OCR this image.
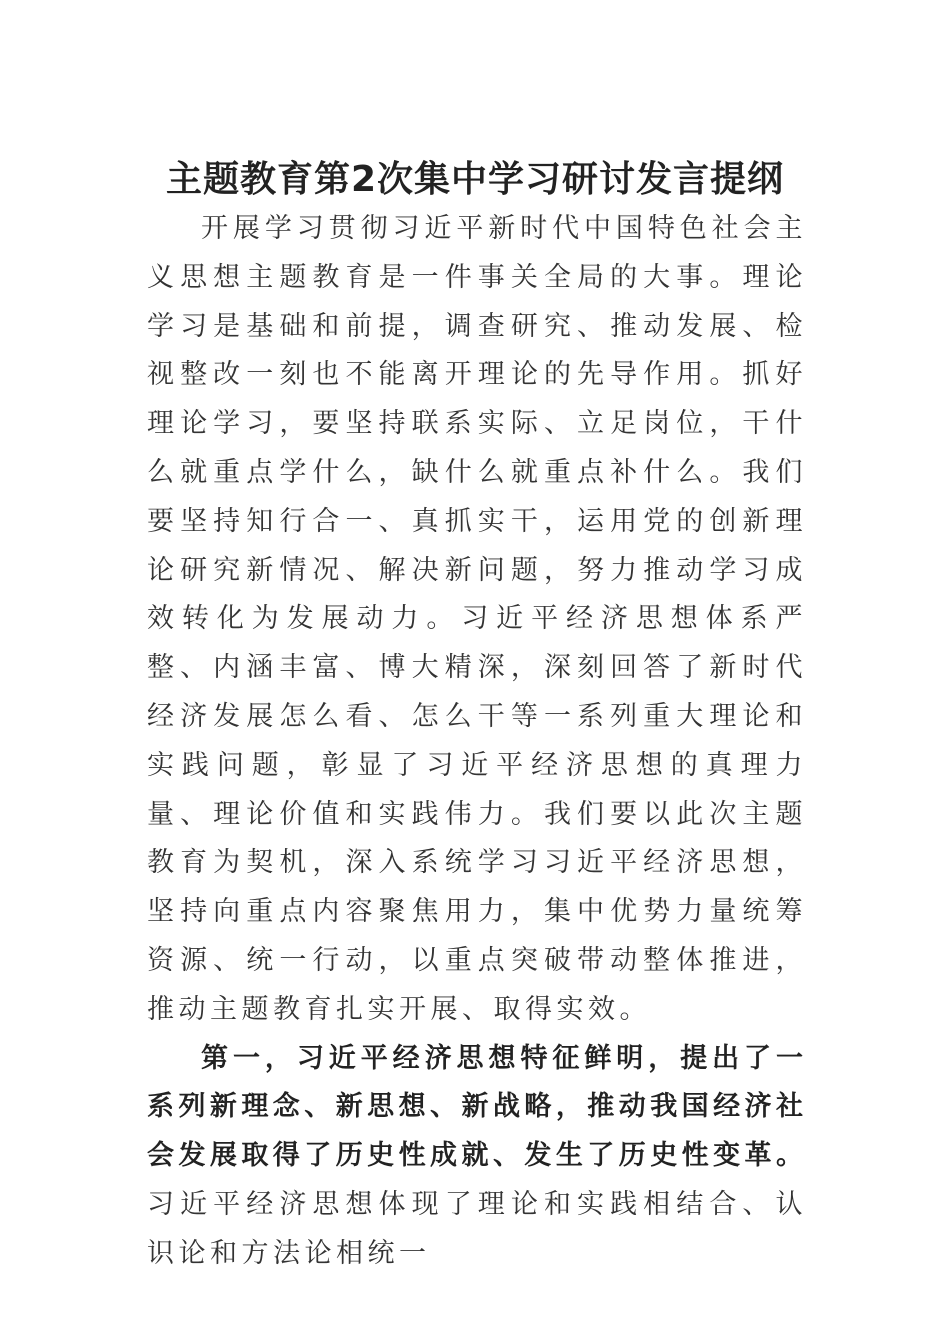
主题教育第2次集中学习研讨发言提纲

开展学习贯彻习近平新时代中国特色社会主义思想主题教育是一件事关全局的大事。理论学习是基础和前提，调查研究、推动发展、检视整改一刻也不能离开理论的先导作用。抓好理论学习，要坚持联系实际、立足岗位，干什么就重点学什么，缺什么就重点补什么。我们要坚持知行合一、真抓实干，运用党的创新理论研究新情况、解决新问题，努力推动学习成效转化为发展动力。习近平经济思想体系严整、内涵丰富、博大精深，深刻回答了新时代经济发展怎么看、怎么干等一系列重大理论和实践问题，彰显了习近平经济思想的真理力量、理论价值和实践伟力。我们要以此次主题教育为契机，深入系统学习习近平经济思想，坚持向重点内容聚焦用力，集中优势力量统筹资源、统一行动，以重点突破带动整体推进，推动主题教育扎实开展、取得实效。

第一，习近平经济思想特征鲜明，提出了一系列新理念、新思想、新战略，推动我国经济社会发展取得了历史性成就、发生了历史性变革。习近平经济思想体现了理论和实践相结合、认识论和方法论相统一
